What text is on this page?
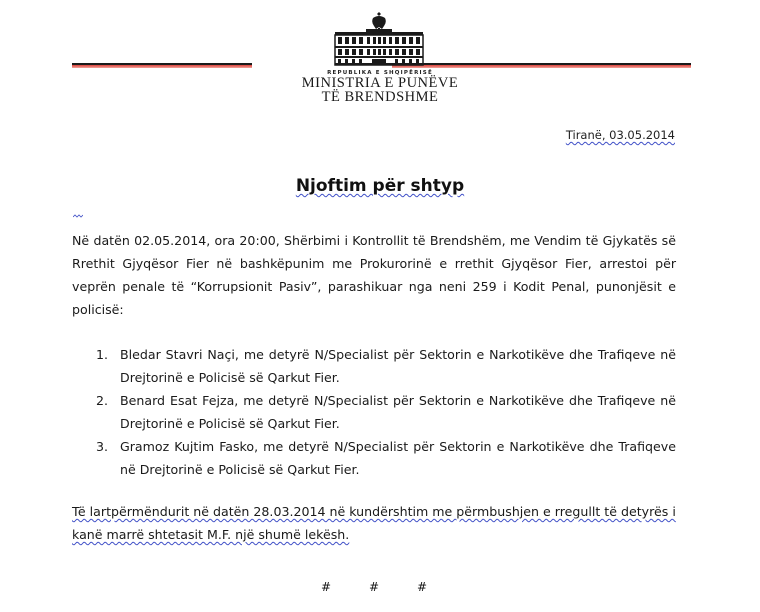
REPUBLIKA E SHQIPËRISË
MINISTRIA E PUNËVE
TË BRENDSHME
Tiranë, 03.05.2014
Njoftim për shtyp

Në datën 02.05.2014, ora 20:00, Shërbimi i Kontrollit të Brendshëm, me Vendim të Gjykatës së Rrethit Gjyqësor Fier në bashkëpunim me Prokurorinë e rrethit Gjyqësor Fier, arrestoi për veprën penale të “Korrupsionit Pasiv”, parashikuar nga neni 259 i Kodit Penal, punonjësit e policisë:

1. Bledar Stavri Naçi, me detyrë N/Specialist për Sektorin e Narkotikëve dhe Trafiqeve në Drejtorinë e Policisë së Qarkut Fier.
2. Benard Esat Fejza, me detyrë N/Specialist për Sektorin e Narkotikëve dhe Trafiqeve në Drejtorinë e Policisë së Qarkut Fier.
3. Gramoz Kujtim Fasko, me detyrë N/Specialist për Sektorin e Narkotikëve dhe Trafiqeve në Drejtorinë e Policisë së Qarkut Fier.

Të lartpërmëndurit në datën 28.03.2014 në kundërshtim me përmbushjen e rregullt të detyrës i kanë marrë shtetasit M.F. një shumë lekësh.

#	#	#
